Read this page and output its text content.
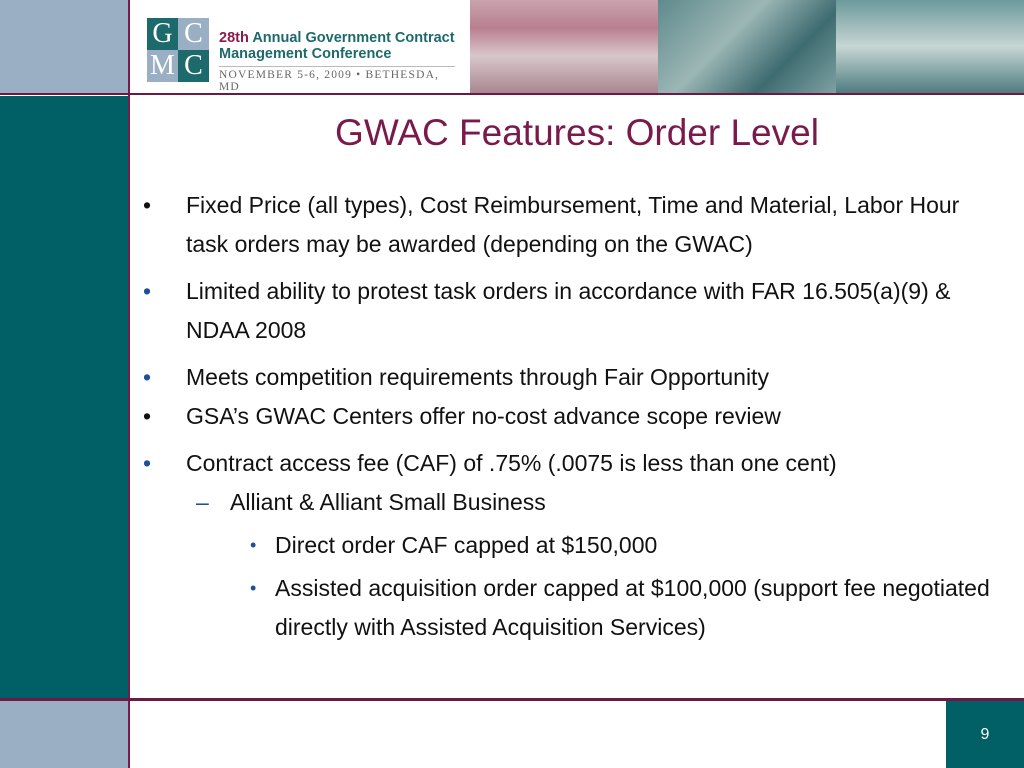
G C
M C
28th Annual Government Contract
Management Conference
NOVEMBER 5-6, 2009 • BETHESDA, MD
GWAC Features: Order Level
• Fixed Price (all types), Cost Reimbursement, Time and Material, Labor Hour task orders may be awarded (depending on the GWAC)
• Limited ability to protest task orders in accordance with FAR 16.505(a)(9) & NDAA 2008
• Meets competition requirements through Fair Opportunity
• GSA’s GWAC Centers offer no-cost advance scope review
• Contract access fee (CAF) of .75% (.0075 is less than one cent)
– Alliant & Alliant Small Business
• Direct order CAF capped at $150,000
• Assisted acquisition order capped at $100,000 (support fee negotiated directly with Assisted Acquisition Services)
9
